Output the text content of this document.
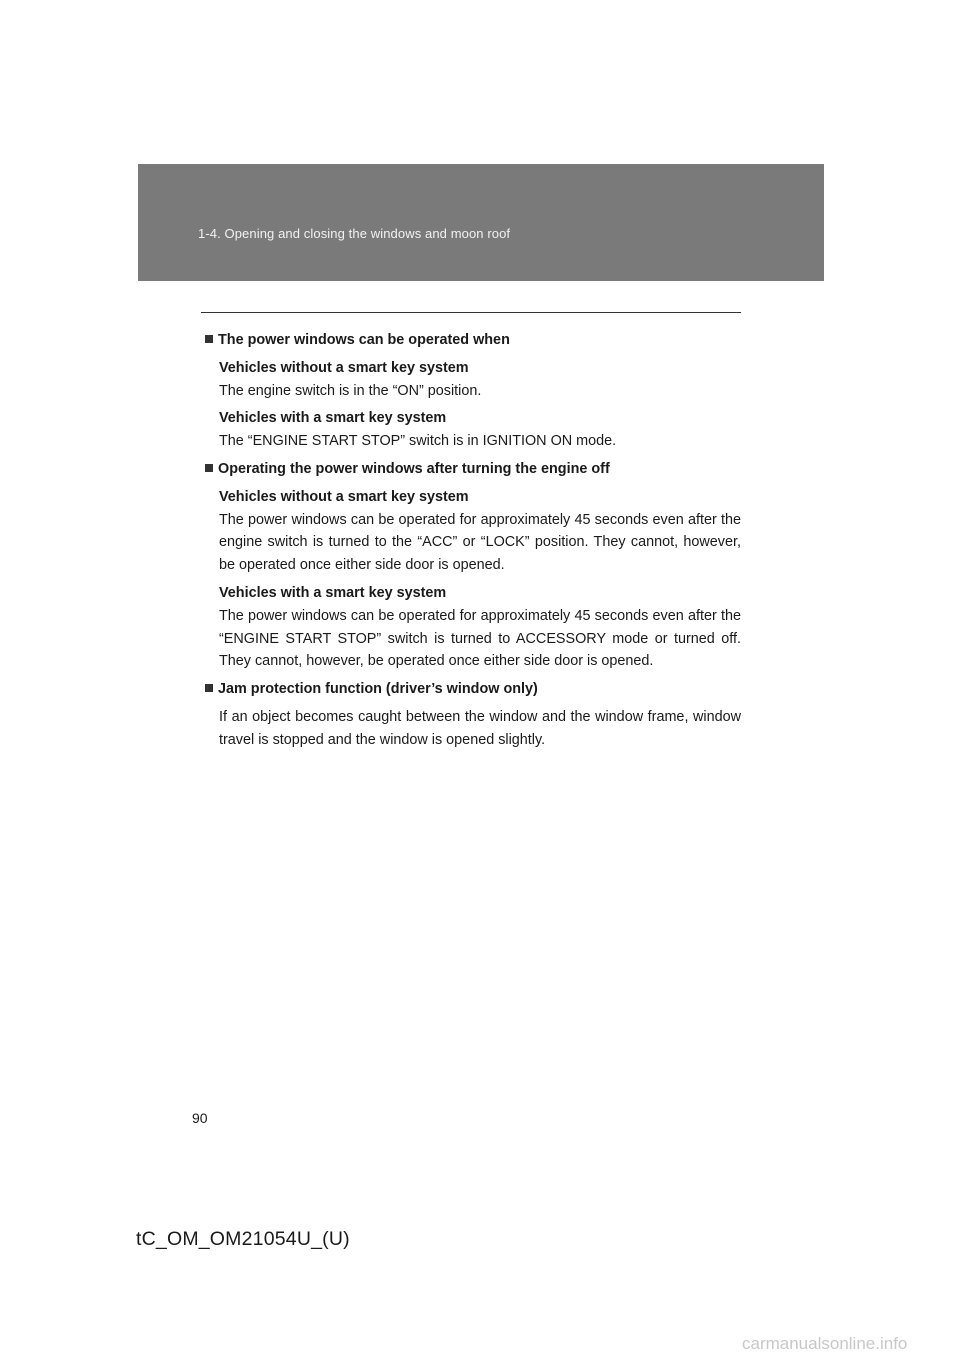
1-4. Opening and closing the windows and moon roof
The power windows can be operated when
Vehicles without a smart key system

The engine switch is in the “ON” position.

Vehicles with a smart key system

The “ENGINE START STOP” switch is in IGNITION ON mode.

Operating the power windows after turning the engine off
Vehicles without a smart key system

The power windows can be operated for approximately 45 seconds even after the engine switch is turned to the “ACC” or “LOCK” position. They cannot, however, be operated once either side door is opened.

Vehicles with a smart key system

The power windows can be operated for approximately 45 seconds even after the “ENGINE START STOP” switch is turned to ACCESSORY mode or turned off. They cannot, however, be operated once either side door is opened.

Jam protection function (driver’s window only)

If an object becomes caught between the window and the window frame, window travel is stopped and the window is opened slightly.

90
tC_OM_OM21054U_(U)
carmanualsonline.info
